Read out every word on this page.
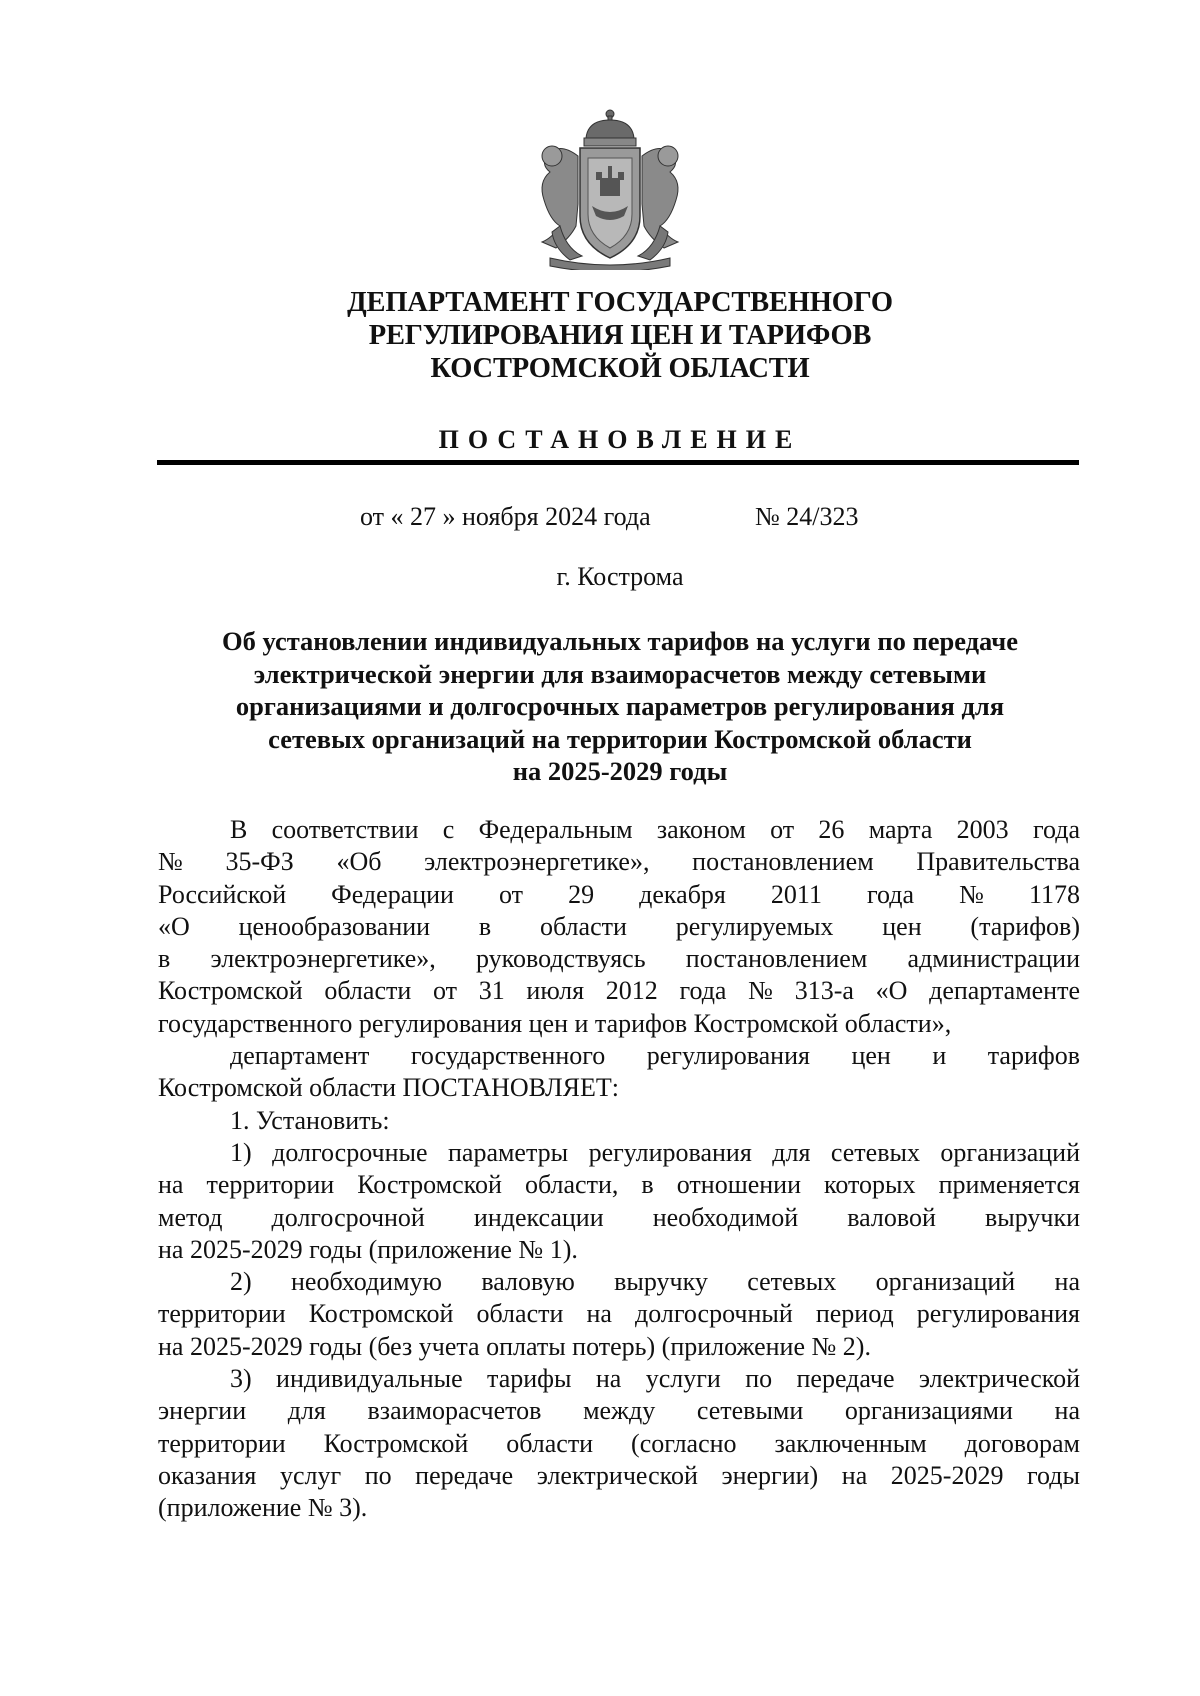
ДЕПАРТАМЕНТ ГОСУДАРСТВЕННОГО
РЕГУЛИРОВАНИЯ ЦЕН И ТАРИФОВ
КОСТРОМСКОЙ ОБЛАСТИ
ПОСТАНОВЛЕНИЕ
от « 27 » ноября 2024 года	№ 24/323
г. Кострома
Об установлении индивидуальных тарифов на услуги по передаче
электрической энергии для взаиморасчетов между сетевыми
организациями и долгосрочных параметров регулирования для
сетевых организаций на территории Костромской области
на 2025-2029 годы
В соответствии с Федеральным законом от 26 марта 2003 года
№ 35-ФЗ «Об электроэнергетике», постановлением Правительства
Российской Федерации от 29 декабря 2011 года № 1178
«О ценообразовании в области регулируемых цен (тарифов)
в электроэнергетике», руководствуясь постановлением администрации
Костромской области от 31 июля 2012 года № 313-а «О департаменте
государственного регулирования цен и тарифов Костромской области»,
департамент государственного регулирования цен и тарифов
Костромской области ПОСТАНОВЛЯЕТ:
1. Установить:
1) долгосрочные параметры регулирования для сетевых организаций
на территории Костромской области, в отношении которых применяется
метод долгосрочной индексации необходимой валовой выручки
на 2025-2029 годы (приложение № 1).
2) необходимую валовую выручку сетевых организаций на
территории Костромской области на долгосрочный период регулирования
на 2025-2029 годы (без учета оплаты потерь) (приложение № 2).
3) индивидуальные тарифы на услуги по передаче электрической
энергии для взаиморасчетов между сетевыми организациями на
территории Костромской области (согласно заключенным договорам
оказания услуг по передаче электрической энергии) на 2025-2029 годы
(приложение № 3).
